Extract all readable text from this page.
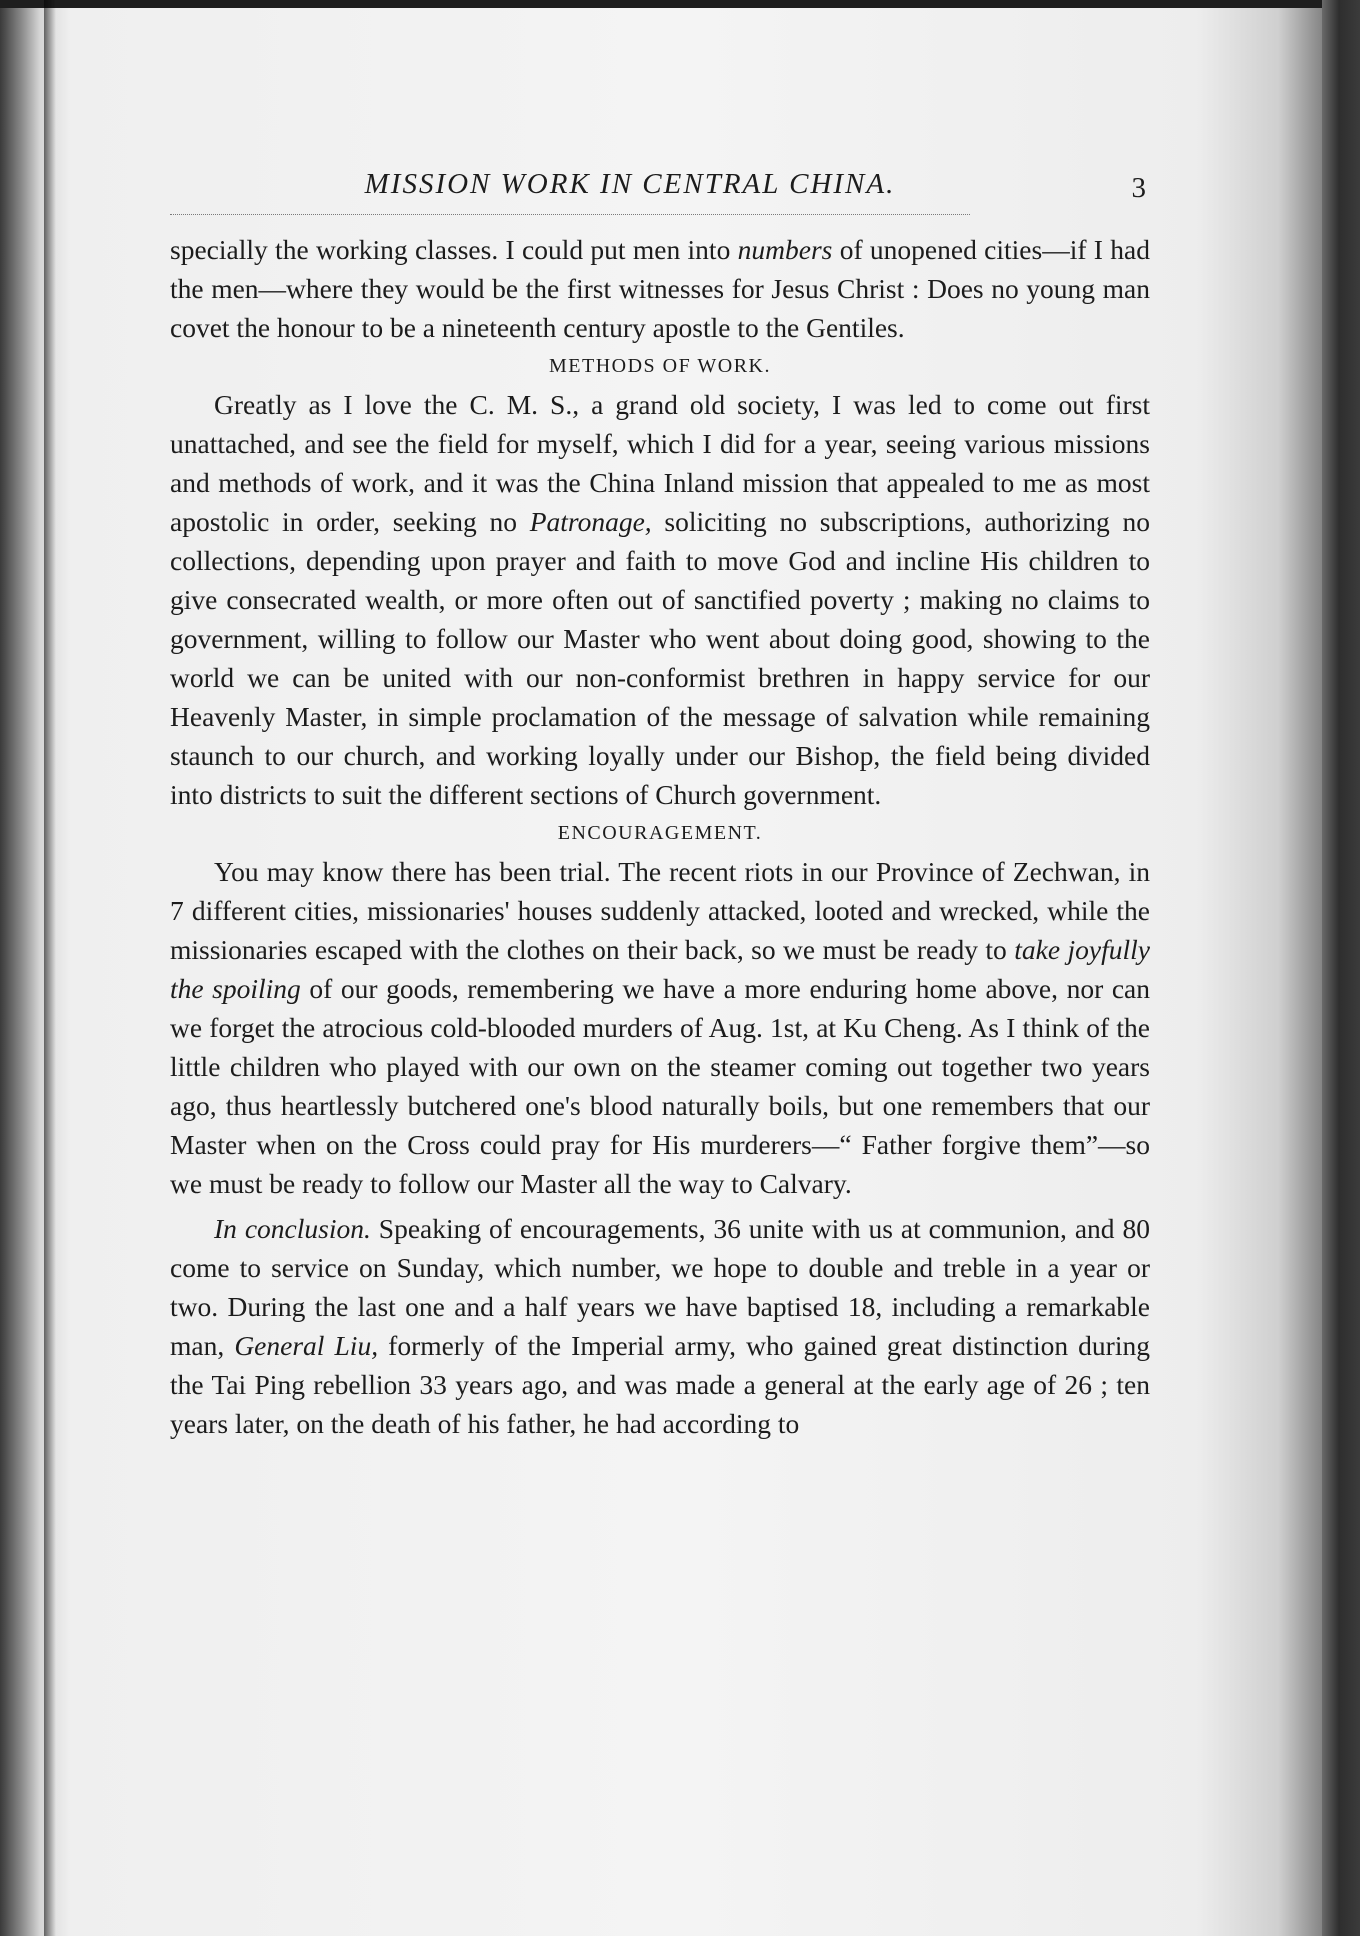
MISSION WORK IN CENTRAL CHINA.	3

specially the working classes. I could put men into numbers of unopened cities—if I had the men—where they would be the first witnesses for Jesus Christ : Does no young man covet the honour to be a nineteenth century apostle to the Gentiles.

METHODS OF WORK.

Greatly as I love the C. M. S., a grand old society, I was led to come out first unattached, and see the field for myself, which I did for a year, seeing various missions and methods of work, and it was the China Inland mission that appealed to me as most apostolic in order, seeking no Patronage, soliciting no subscriptions, authorizing no collections, depending upon prayer and faith to move God and incline His children to give consecrated wealth, or more often out of sanctified poverty ; making no claims to government, willing to follow our Master who went about doing good, showing to the world we can be united with our non-conformist brethren in happy service for our Heavenly Master, in simple proclamation of the message of salvation while remaining staunch to our church, and working loyally under our Bishop, the field being divided into districts to suit the different sections of Church government.

ENCOURAGEMENT.

You may know there has been trial. The recent riots in our Province of Zechwan, in 7 different cities, missionaries' houses suddenly attacked, looted and wrecked, while the missionaries escaped with the clothes on their back, so we must be ready to take joyfully the spoiling of our goods, remembering we have a more enduring home above, nor can we forget the atrocious cold-blooded murders of Aug. 1st, at Ku Cheng. As I think of the little children who played with our own on the steamer coming out together two years ago, thus heartlessly butchered one's blood naturally boils, but one remembers that our Master when on the Cross could pray for His murderers—“ Father forgive them”—so we must be ready to follow our Master all the way to Calvary.

In conclusion. Speaking of encouragements, 36 unite with us at communion, and 80 come to service on Sunday, which number, we hope to double and treble in a year or two. During the last one and a half years we have baptised 18, including a remarkable man, General Liu, formerly of the Imperial army, who gained great distinction during the Tai Ping rebellion 33 years ago, and was made a general at the early age of 26 ; ten years later, on the death of his father, he had according to
